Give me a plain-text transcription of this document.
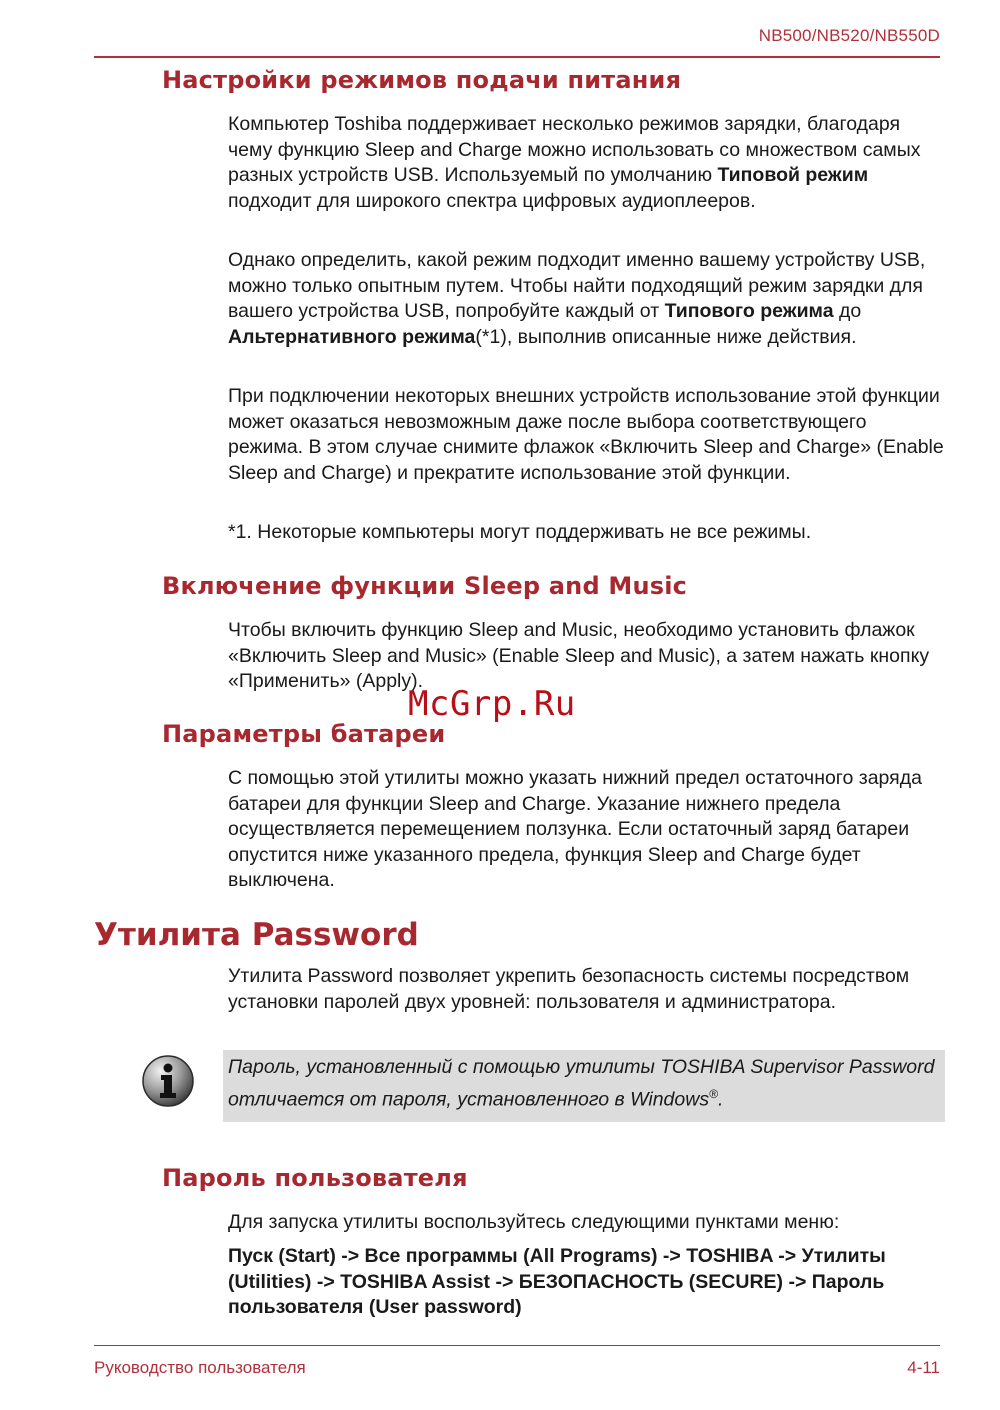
NB500/NB520/NB550D
Настройки режимов подачи питания

Компьютер Toshiba поддерживает несколько режимов зарядки, благодаря чему функцию Sleep and Charge можно использовать со множеством самых разных устройств USB. Используемый по умолчанию Типовой режим подходит для широкого спектра цифровых аудиоплееров.

Однако определить, какой режим подходит именно вашему устройству USB, можно только опытным путем. Чтобы найти подходящий режим зарядки для вашего устройства USB, попробуйте каждый от Типового режима до Альтернативного режима(*1), выполнив описанные ниже действия.

При подключении некоторых внешних устройств использование этой функции может оказаться невозможным даже после выбора соответствующего режима. В этом случае снимите флажок «Включить Sleep and Charge» (Enable Sleep and Charge) и прекратите использование этой функции.

*1. Некоторые компьютеры могут поддерживать не все режимы.

Включение функции Sleep and Music

Чтобы включить функцию Sleep and Music, необходимо установить флажок «Включить Sleep and Music» (Enable Sleep and Music), а затем нажать кнопку «Применить» (Apply).

McGrp.Ru
Параметры батареи

С помощью этой утилиты можно указать нижний предел остаточного заряда батареи для функции Sleep and Charge. Указание нижнего предела осуществляется перемещением ползунка. Если остаточный заряд батареи опустится ниже указанного предела, функция Sleep and Charge будет выключена.

Утилита Password

Утилита Password позволяет укрепить безопасность системы посредством установки паролей двух уровней: пользователя и администратора.

Пароль, установленный с помощью утилиты TOSHIBA Supervisor Password отличается от пароля, установленного в Windows®.

Пароль пользователя

Для запуска утилиты воспользуйтесь следующими пунктами меню:

Пуск (Start) -> Все программы (All Programs) -> TOSHIBA -> Утилиты (Utilities) -> TOSHIBA Assist -> БЕЗОПАСНОСТЬ (SECURE) -> Пароль пользователя (User password)

Руководство пользователя	4-11
